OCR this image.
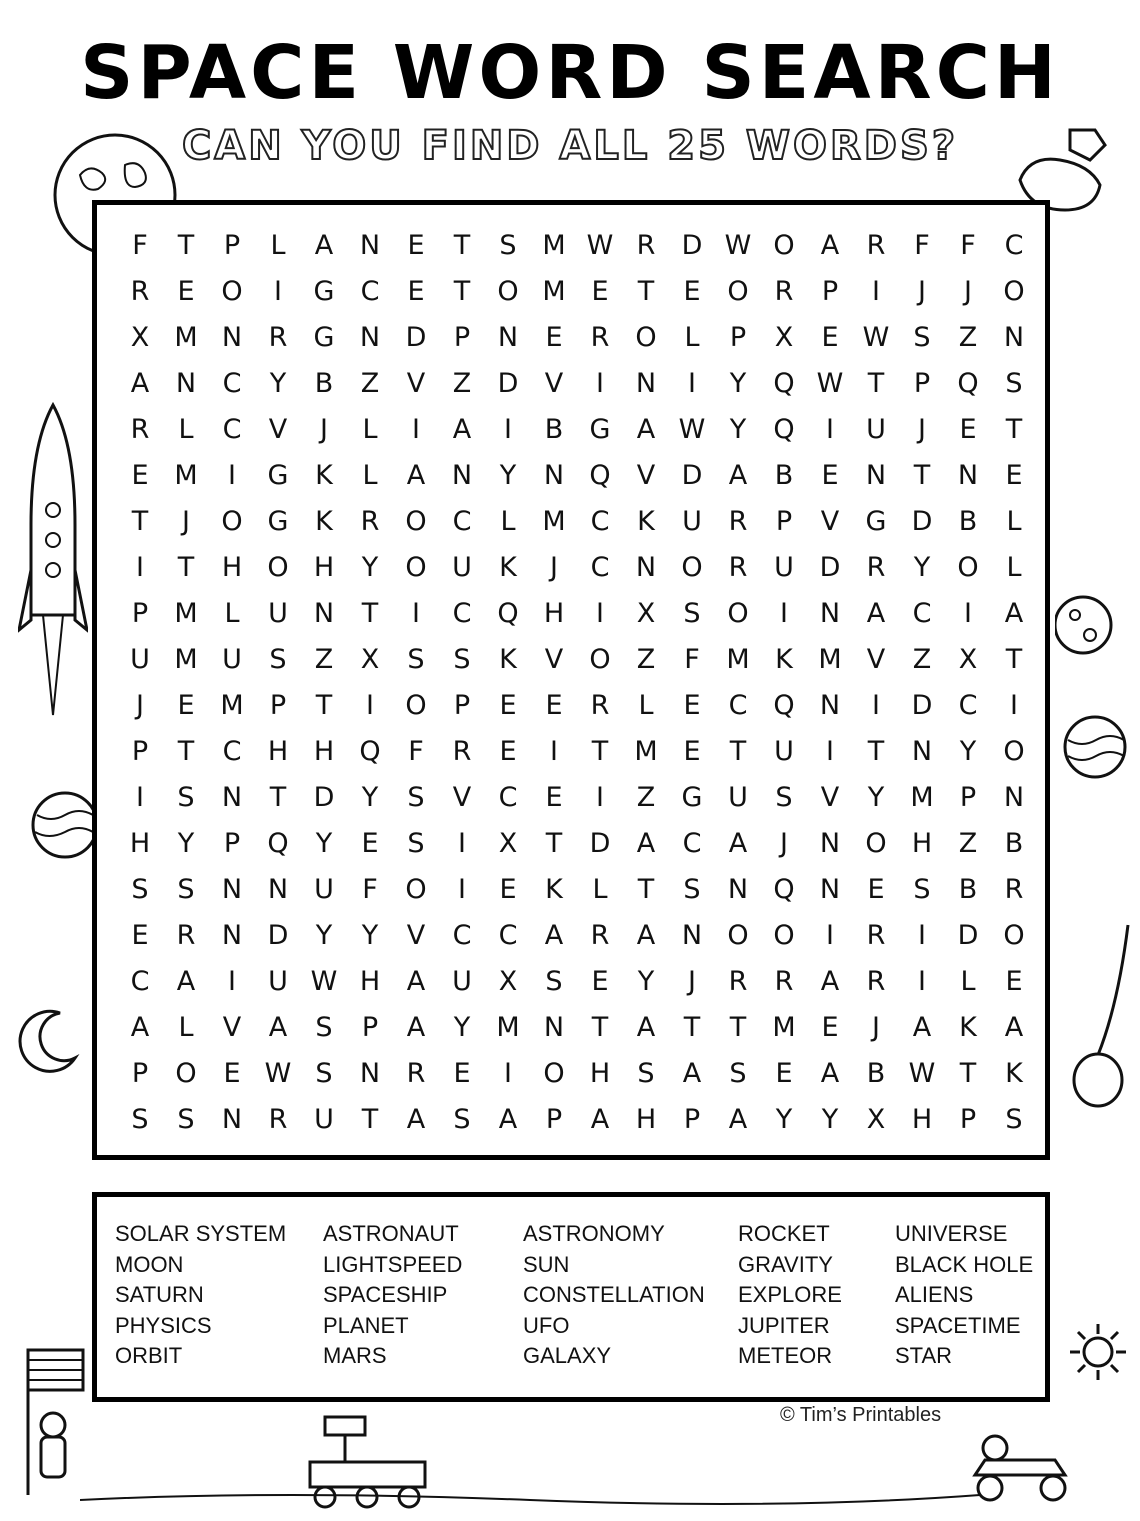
SPACE WORD SEARCH
CAN YOU FIND ALL 25 WORDS?
F	T	P	L	A N	E	T	S M W R D W O A	R	F	F	C
R	E O	I	G C	E	T	O M E	T	E O R	P	I	J	J	O
X M N R G N D	P	N	E	R O	L	P	X	E W S	Z N
A N C	Y	B	Z	V	Z D V	I	N	I	Y	Q W T	P	Q S
R	L	C	V	J	L	I	A	I	B G A W Y	Q	I	U	J	E	T
E M	I	G K	L	A N	Y	N Q V D A	B	E	N	T	N	E
T	J	O G K	R O C	L M C	K	U R	P	V G D B	L
I	T	H O H	Y	O U	K	J	C N O R U D R	Y	O	L
P M L	U N	T	I	C Q H	I	X	S O	I	N A	C	I	A
U M U	S	Z	X	S	S	K	V O Z	F M K M V	Z	X	T
J	E M P	T	I	O	P	E	E	R	L	E	C Q N	I	D C	I
P	T	C H H Q	F	R	E	I	T M E	T	U	I	T	N	Y	O
I	S	N	T	D	Y	S	V	C	E	I	Z G U	S	V	Y M P	N
H	Y	P	Q	Y	E	S	I	X	T	D A	C	A	J	N O H Z	B
S	S	N N U	F	O	I	E	K	L	T	S	N Q N	E	S	B	R
E	R N D	Y	Y	V	C	C	A	R	A N O O	I	R	I	D O
C	A	I	U W H A U X	S	E	Y	J	R	R	A	R	I	L	E
A	L	V	A	S	P	A	Y M N	T	A	T	T M E	J	A	K	A
P	O E W S	N R	E	I	O H	S	A	S	E	A	B W T	K
S	S	N R U	T	A	S	A	P	A H	P	A	Y	Y	X H	P	S
SOLAR SYSTEM
MOON
SATURN
PHYSICS
ORBIT
ASTRONAUT
LIGHTSPEED
SPACESHIP
PLANET
MARS
ASTRONOMY
SUN
CONSTELLATION
UFO
GALAXY
ROCKET
GRAVITY
EXPLORE
JUPITER
METEOR
UNIVERSE
BLACK HOLE
ALIENS
SPACETIME
STAR
© Tim’s Printables
